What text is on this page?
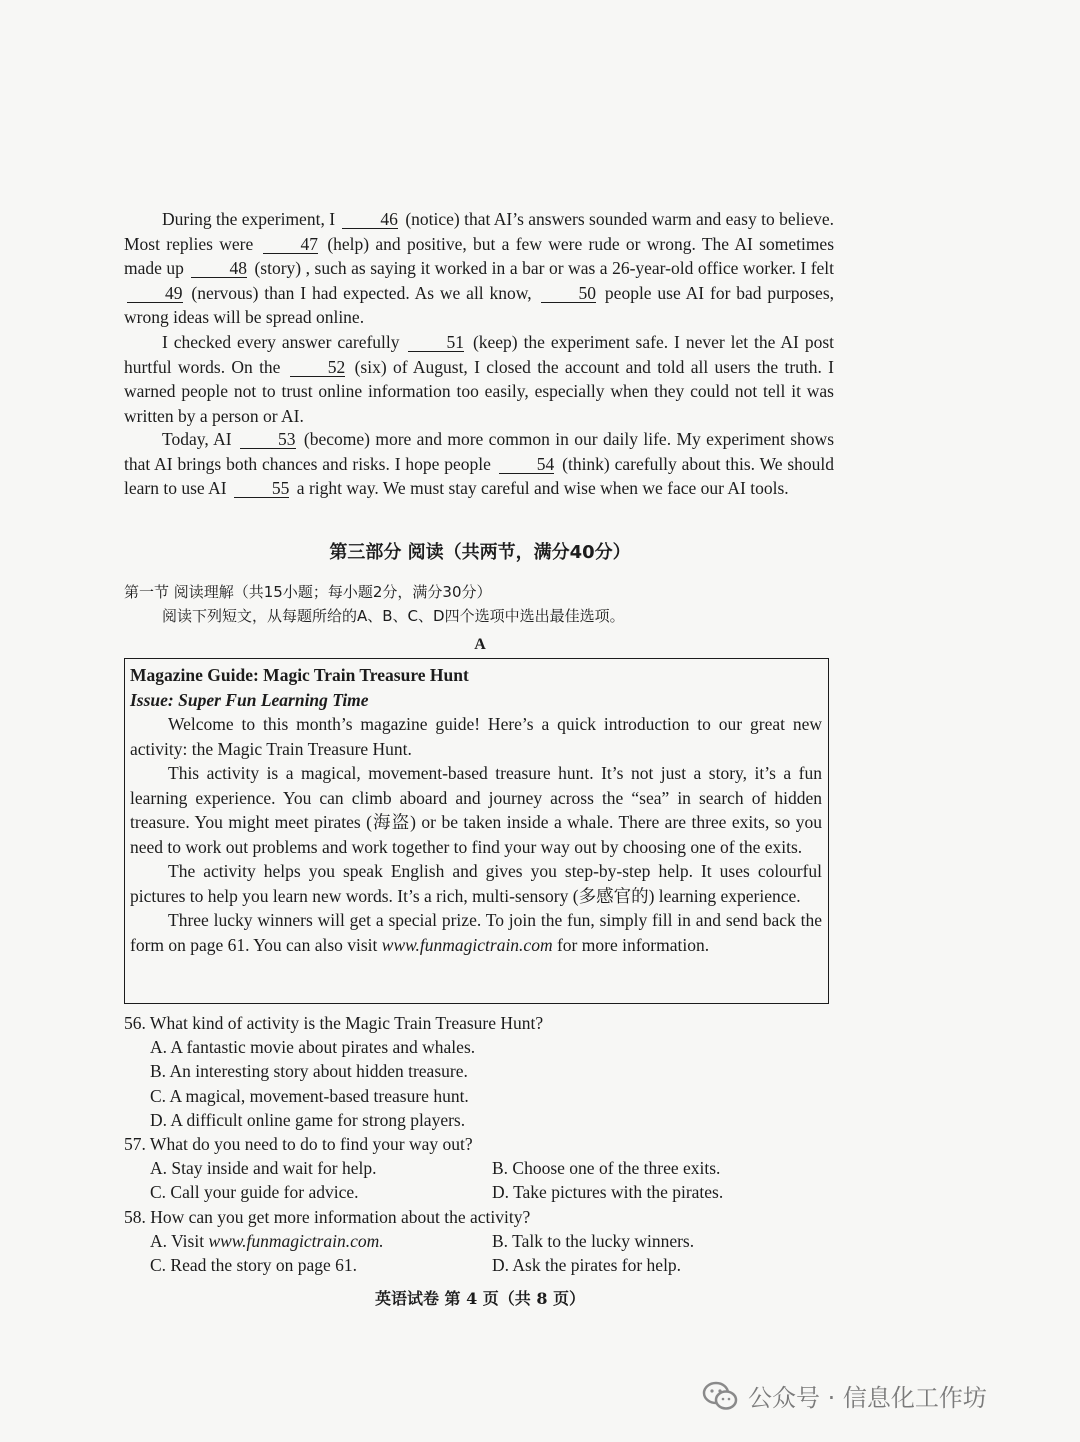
During the experiment, I	46 (notice) that AI’s answers sounded warm and easy to believe. Most replies were	47 (help) and positive, but a few were rude or wrong. The AI sometimes made up	48 (story) , such as saying it worked in a bar or was a 26-year-old office worker. I felt 49 (nervous) than I had expected. As we all know,	50 people use AI for bad purposes, wrong ideas will be spread online.

I checked every answer carefully	51 (keep) the experiment safe. I never let the AI post hurtful words. On the	52 (six) of August, I closed the account and told all users the truth. I warned people not to trust online information too easily, especially when they could not tell it was written by a person or AI.

Today, AI	53 (become) more and more common in our daily life. My experiment shows that AI brings both chances and risks. I hope people	54 (think) carefully about this. We should learn to use AI	55 a right way. We must stay careful and wise when we face our AI tools.

第三部分 阅读（共两节，满分40分）

第一节 阅读理解（共15小题；每小题2分，满分30分）

阅读下列短文，从每题所给的A、B、C、D四个选项中选出最佳选项。

A

Magazine Guide: Magic Train Treasure Hunt

Issue: Super Fun Learning Time

Welcome to this month’s magazine guide! Here’s a quick introduction to our great new activity: the Magic Train Treasure Hunt.

This activity is a magical, movement-based treasure hunt. It’s not just a story, it’s a fun learning experience. You can climb aboard and journey across the “sea” in search of hidden treasure. You might meet pirates (海盗) or be taken inside a whale. There are three exits, so you need to work out problems and work together to find your way out by choosing one of the exits.

The activity helps you speak English and gives you step-by-step help. It uses colourful pictures to help you learn new words. It’s a rich, multi-sensory (多感官的) learning experience.

Three lucky winners will get a special prize. To join the fun, simply fill in and send back the form on page 61. You can also visit www.funmagictrain.com for more information.

56. What kind of activity is the Magic Train Treasure Hunt?

A. A fantastic movie about pirates and whales.

B. An interesting story about hidden treasure.

C. A magical, movement-based treasure hunt.

D. A difficult online game for strong players.

57. What do you need to do to find your way out?

A. Stay inside and wait for help.	B. Choose one of the three exits.
C. Call your guide for advice.	D. Take pictures with the pirates.

58. How can you get more information about the activity?

A. Visit www.funmagictrain.com.	B. Talk to the lucky winners.
C. Read the story on page 61.	D. Ask the pirates for help.

英语试卷 第 4 页（共 8 页）

公众号 · 信息化工作坊
